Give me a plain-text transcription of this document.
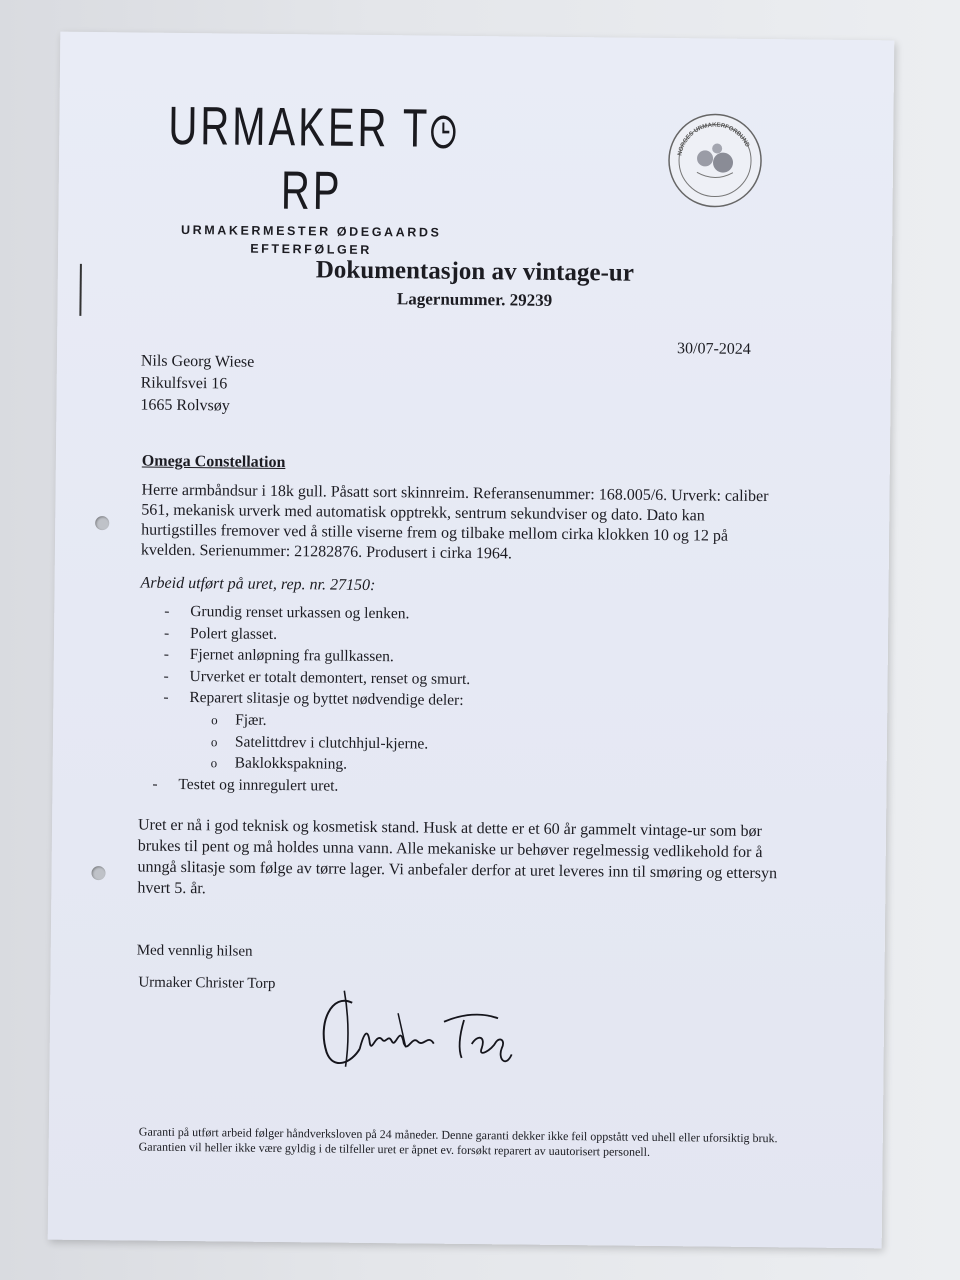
URMAKER TRP
URMAKERMESTER ØDEGAARDS
EFTERFØLGER
NORGES URMAKERFORBUND
Dokumentasjon av vintage-ur
Lagernummer. 29239
30/07-2024
Nils Georg Wiese
Rikulfsvei 16
1665 Rolvsøy
Omega Constellation
Herre armbåndsur i 18k gull. Påsatt sort skinnreim. Referansenummer: 168.005/6. Urverk: caliber 561, mekanisk urverk med automatisk opptrekk, sentrum sekundviser og dato. Dato kan hurtigstilles fremover ved å stille viserne frem og tilbake mellom cirka klokken 10 og 12 på kvelden. Serienummer: 21282876. Produsert i cirka 1964.
Arbeid utført på uret, rep. nr. 27150:
-	Grundig renset urkassen og lenken.
-	Polert glasset.
-	Fjernet anløpning fra gullkassen.
-	Urverket er totalt demontert, renset og smurt.
-	Reparert slitasje og byttet nødvendige deler:
o	Fjær.
o	Satelittdrev i clutchhjul-kjerne.
o	Baklokkspakning.
-	Testet og innregulert uret.
Uret er nå i god teknisk og kosmetisk stand. Husk at dette er et 60 år gammelt vintage-ur som bør brukes til pent og må holdes unna vann. Alle mekaniske ur behøver regelmessig vedlikehold for å unngå slitasje som følge av tørre lager. Vi anbefaler derfor at uret leveres inn til smøring og ettersyn hvert 5. år.
Med vennlig hilsen
Urmaker Christer Torp
Garanti på utført arbeid følger håndverksloven på 24 måneder. Denne garanti dekker ikke feil oppstått ved uhell eller uforsiktig bruk. Garantien vil heller ikke være gyldig i de tilfeller uret er åpnet ev. forsøkt reparert av uautorisert personell.
